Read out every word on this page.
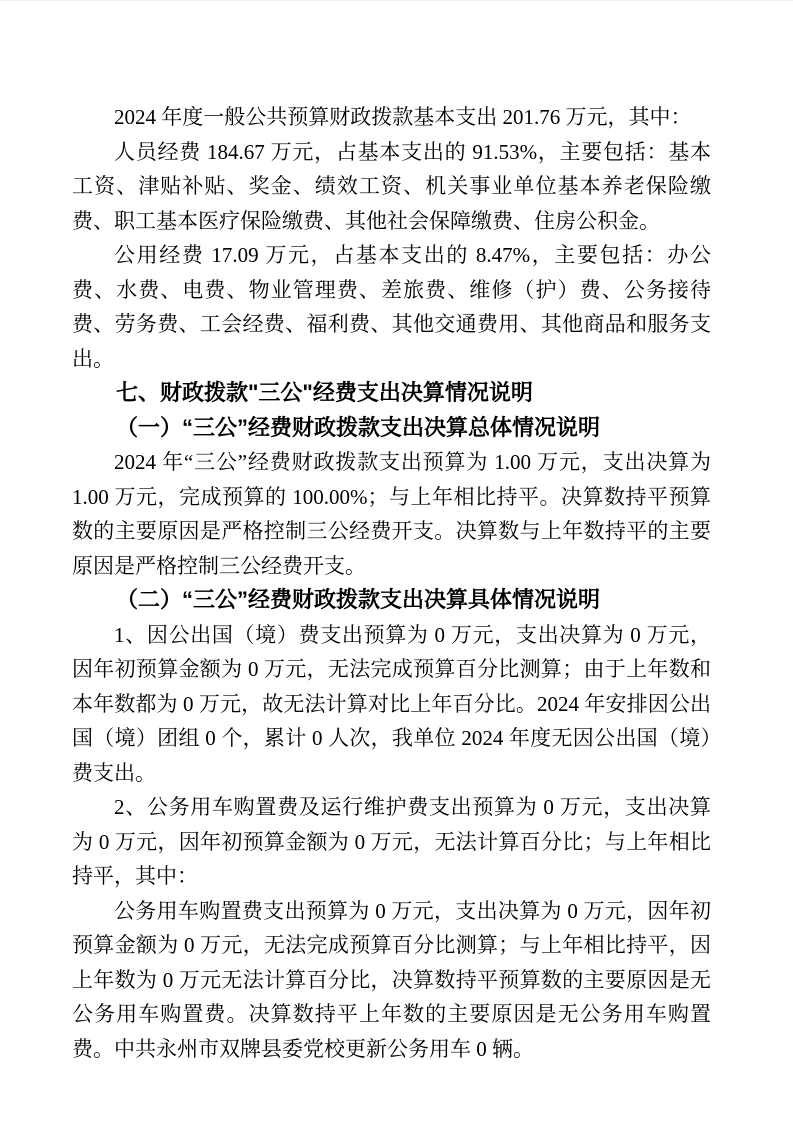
2024 年度一般公共预算财政拨款基本支出 201.76 万元，其中：

人员经费 184.67 万元，占基本支出的 91.53%，主要包括：基本工资、津贴补贴、奖金、绩效工资、机关事业单位基本养老保险缴费、职工基本医疗保险缴费、其他社会保障缴费、住房公积金。

公用经费 17.09 万元，占基本支出的 8.47%，主要包括：办公费、水费、电费、物业管理费、差旅费、维修（护）费、公务接待费、劳务费、工会经费、福利费、其他交通费用、其他商品和服务支出。

七、财政拨款"三公"经费支出决算情况说明
（一）“三公”经费财政拨款支出决算总体情况说明

2024 年“三公”经费财政拨款支出预算为 1.00 万元，支出决算为 1.00 万元，完成预算的 100.00%；与上年相比持平。决算数持平预算数的主要原因是严格控制三公经费开支。决算数与上年数持平的主要原因是严格控制三公经费开支。

（二）“三公”经费财政拨款支出决算具体情况说明

1、因公出国（境）费支出预算为 0 万元，支出决算为 0 万元，因年初预算金额为 0 万元，无法完成预算百分比测算；由于上年数和本年数都为 0 万元，故无法计算对比上年百分比。2024 年安排因公出国（境）团组 0 个，累计 0 人次，我单位 2024 年度无因公出国（境）费支出。

2、公务用车购置费及运行维护费支出预算为 0 万元，支出决算为 0 万元，因年初预算金额为 0 万元，无法计算百分比；与上年相比持平，其中：

公务用车购置费支出预算为 0 万元，支出决算为 0 万元，因年初预算金额为 0 万元，无法完成预算百分比测算；与上年相比持平，因上年数为 0 万元无法计算百分比，决算数持平预算数的主要原因是无公务用车购置费。决算数持平上年数的主要原因是无公务用车购置费。中共永州市双牌县委党校更新公务用车 0 辆。
